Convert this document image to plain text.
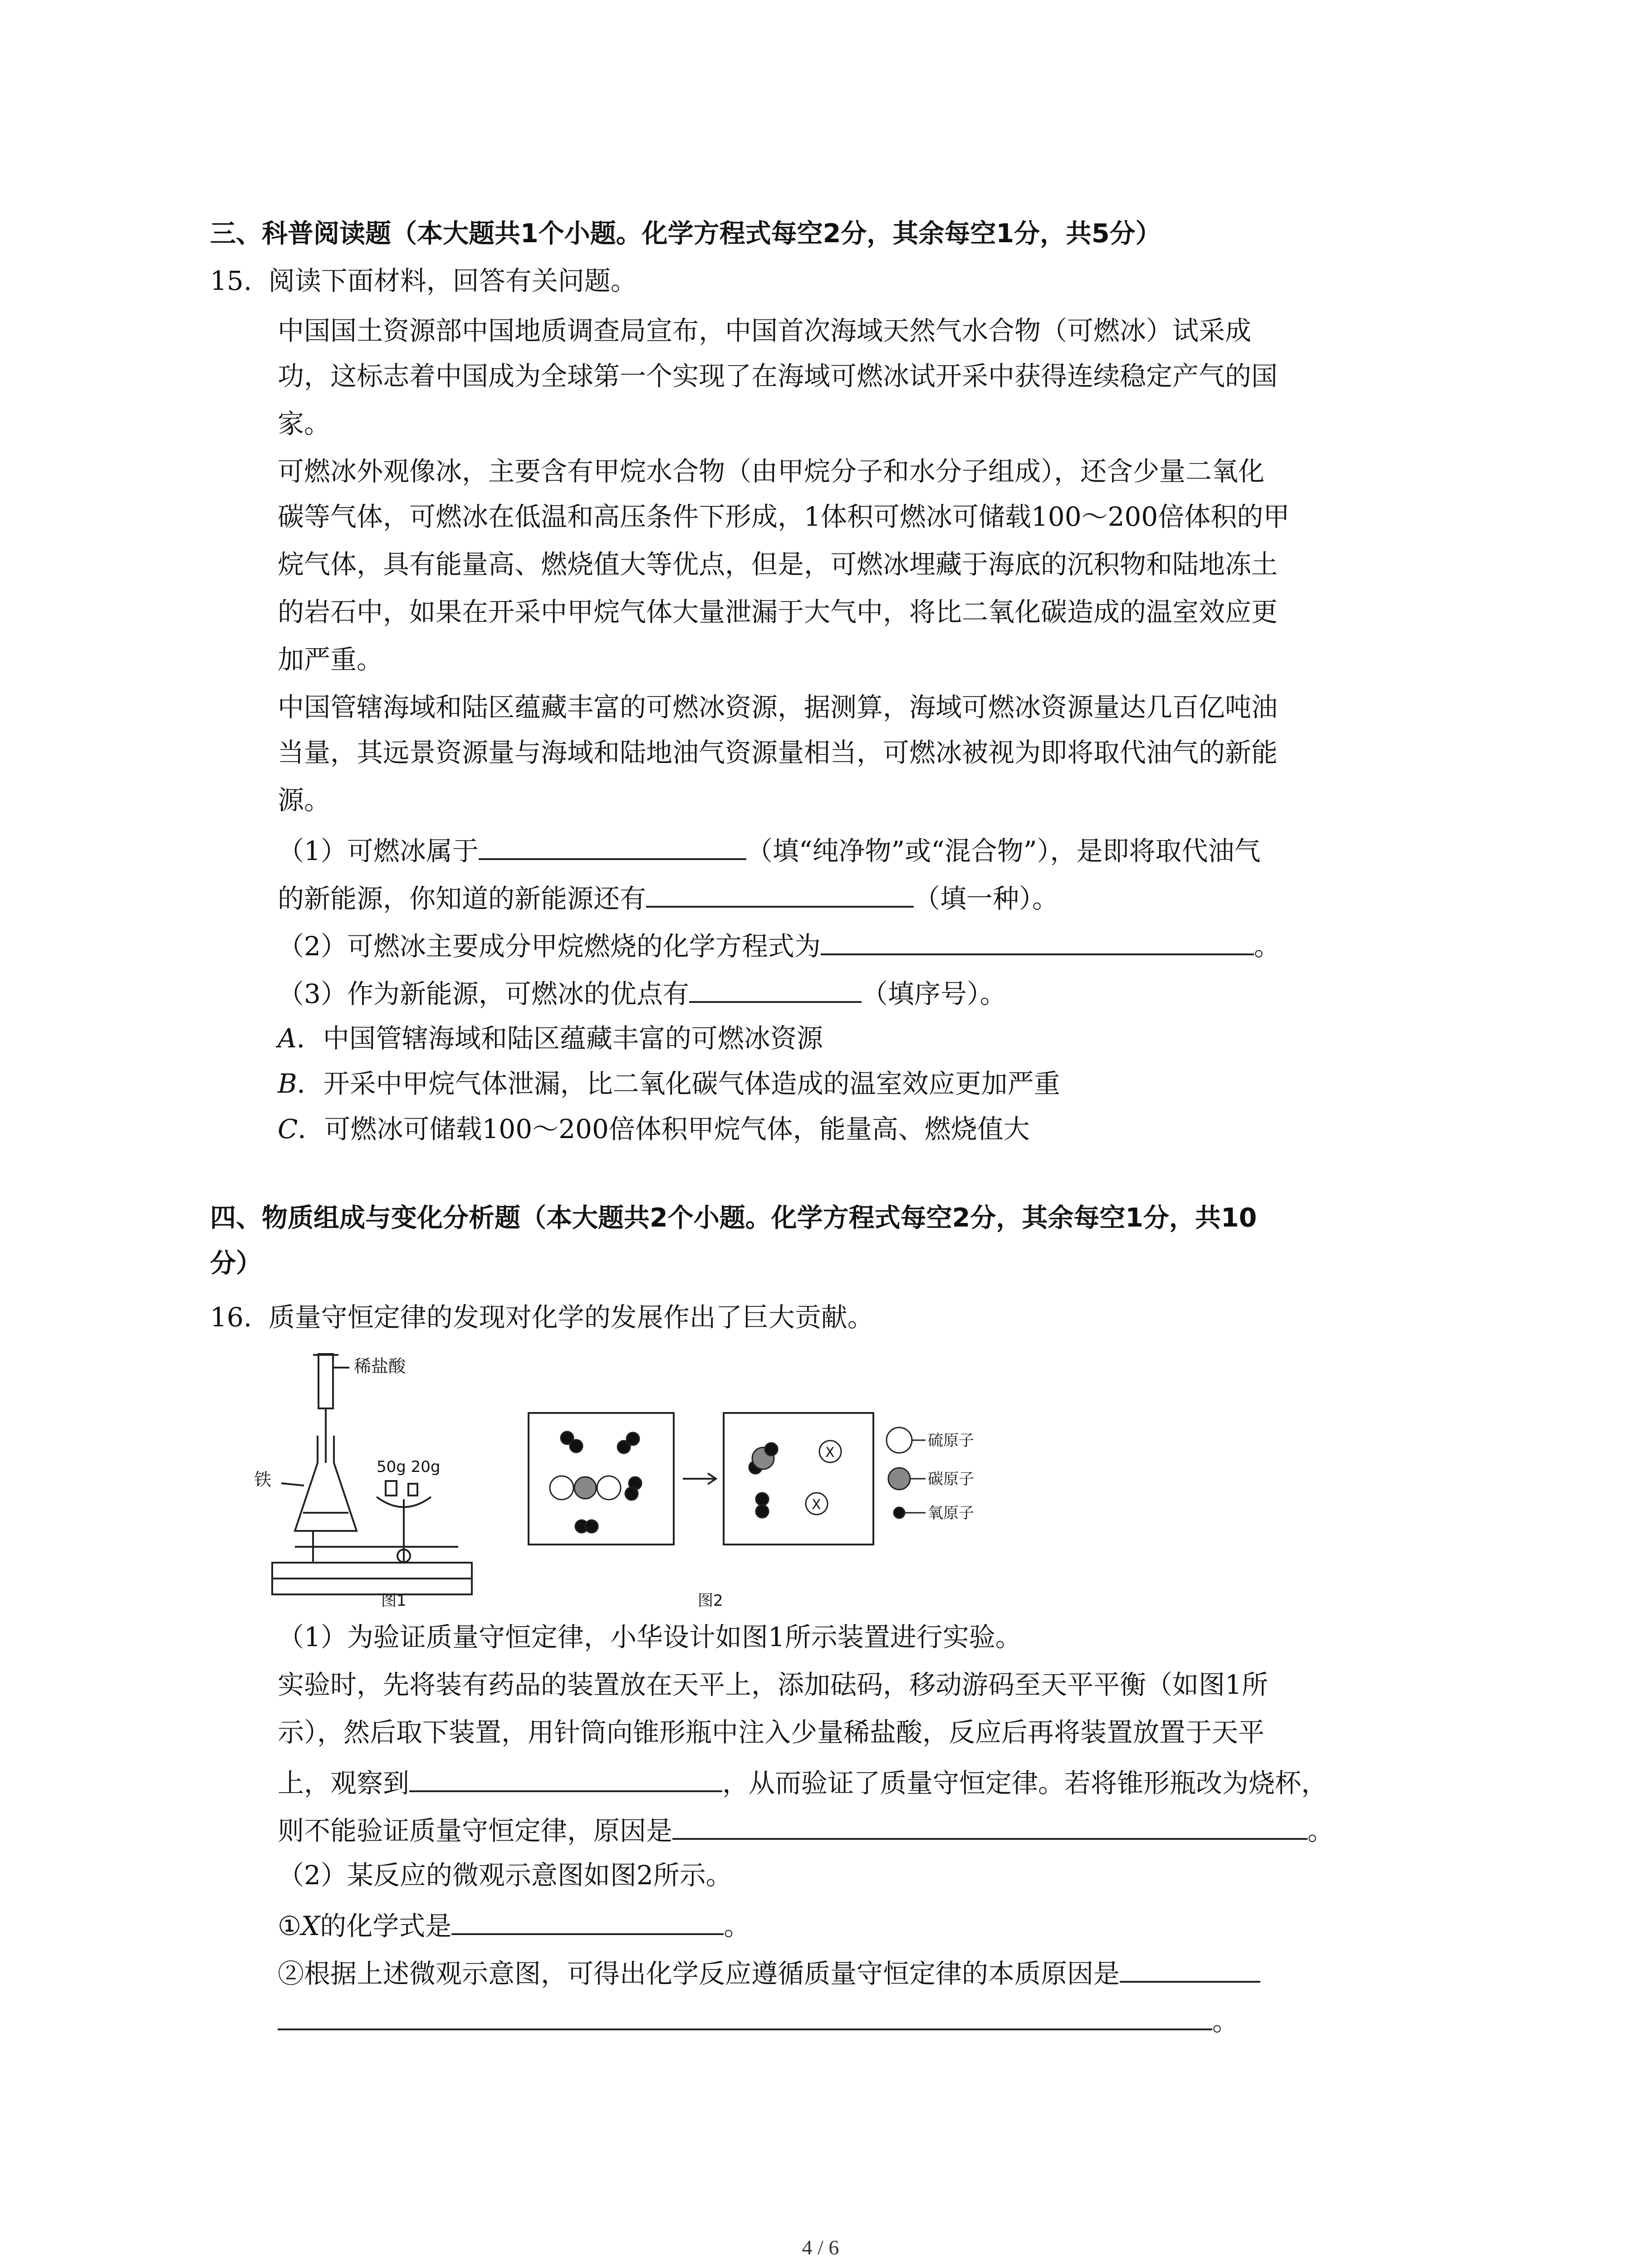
三、科普阅读题（本大题共1个小题。化学方程式每空2分，其余每空1分，共5分）
15. 阅读下面材料，回答有关问题。
中国国土资源部中国地质调查局宣布，中国首次海域天然气水合物（可燃冰）试采成
功，这标志着中国成为全球第一个实现了在海域可燃冰试开采中获得连续稳定产气的国
家。
可燃冰外观像冰，主要含有甲烷水合物（由甲烷分子和水分子组成），还含少量二氧化
碳等气体，可燃冰在低温和高压条件下形成，1体积可燃冰可储载100～200倍体积的甲
烷气体，具有能量高、燃烧值大等优点，但是，可燃冰埋藏于海底的沉积物和陆地冻土
的岩石中，如果在开采中甲烷气体大量泄漏于大气中，将比二氧化碳造成的温室效应更
加严重。
中国管辖海域和陆区蕴藏丰富的可燃冰资源，据测算，海域可燃冰资源量达几百亿吨油
当量，其远景资源量与海域和陆地油气资源量相当，可燃冰被视为即将取代油气的新能
源。
（1）可燃冰属于	（填“纯净物”或“混合物”），是即将取代油气
的新能源，你知道的新能源还有	（填一种）。
（2）可燃冰主要成分甲烷燃烧的化学方程式为	。
（3）作为新能源，可燃冰的优点有	（填序号）。
A．中国管辖海域和陆区蕴藏丰富的可燃冰资源
B．开采中甲烷气体泄漏，比二氧化碳气体造成的温室效应更加严重
C．可燃冰可储载100～200倍体积甲烷气体，能量高、燃烧值大
四、物质组成与变化分析题（本大题共2个小题。化学方程式每空2分，其余每空1分，共10
分）
16. 质量守恒定律的发现对化学的发展作出了巨大贡献。
稀盐酸
铁
50g 20g
图1
X
X
硫原子
碳原子
氧原子
图2
（1）为验证质量守恒定律，小华设计如图1所示装置进行实验。
实验时，先将装有药品的装置放在天平上，添加砝码，移动游码至天平平衡（如图1所
示），然后取下装置，用针筒向锥形瓶中注入少量稀盐酸，反应后再将装置放置于天平
上，观察到	，从而验证了质量守恒定律。若将锥形瓶改为烧杯，
则不能验证质量守恒定律，原因是	。
（2）某反应的微观示意图如图2所示。
①X的化学式是	。
②根据上述微观示意图，可得出化学反应遵循质量守恒定律的本质原因是
。
4 / 6
